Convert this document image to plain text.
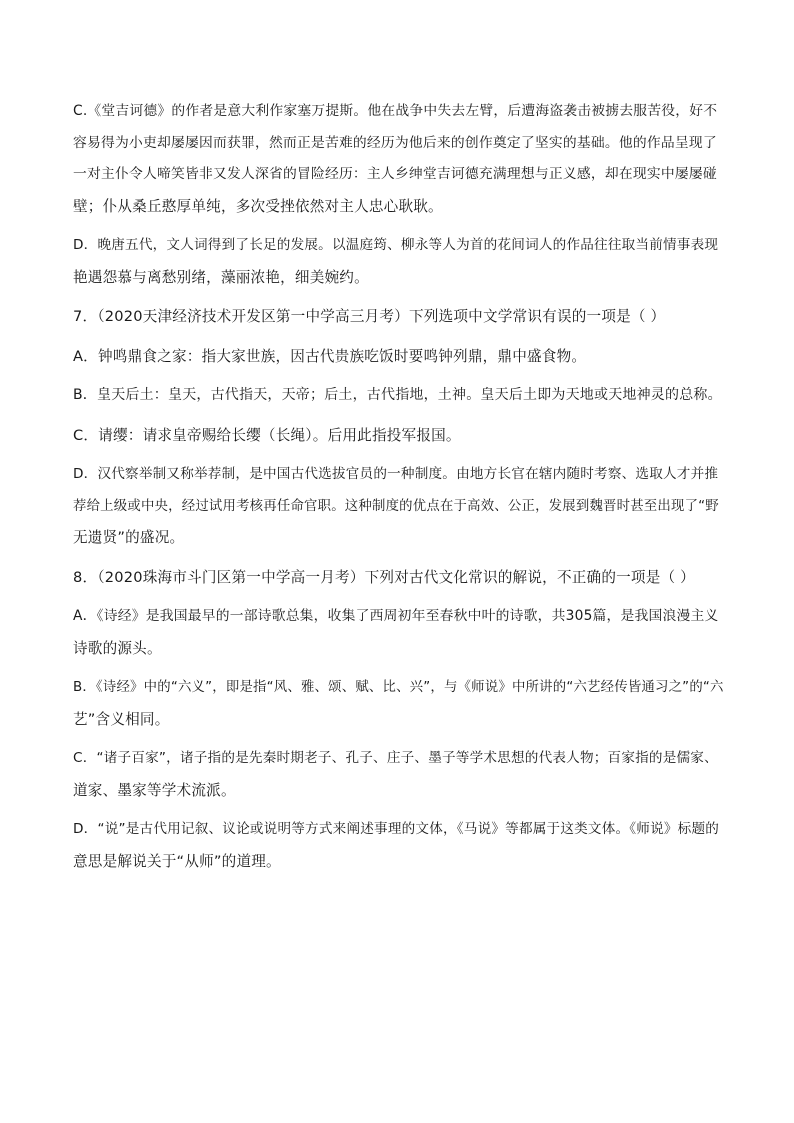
C.《堂吉诃德》的作者是意大利作家塞万提斯。他在战争中失去左臂，后遭海盗袭击被掳去服苦役，好不
容易得为小吏却屡屡因而获罪，然而正是苦难的经历为他后来的创作奠定了坚实的基础。他的作品呈现了
一对主仆令人啼笑皆非又发人深省的冒险经历：主人乡绅堂吉诃德充满理想与正义感，却在现实中屡屡碰
壁；仆从桑丘憨厚单纯，多次受挫依然对主人忠心耿耿。

D．晚唐五代，文人词得到了长足的发展。以温庭筠、柳永等人为首的花间词人的作品往往取当前情事表现
艳遇怨慕与离愁别绪，藻丽浓艳，细美婉约。

7．（2020天津经济技术开发区第一中学高三月考）下列选项中文学常识有误的一项是（ ）

A．钟鸣鼎食之家：指大家世族，因古代贵族吃饭时要鸣钟列鼎，鼎中盛食物。

B．皇天后土：皇天，古代指天，天帝；后土，古代指地，土神。皇天后土即为天地或天地神灵的总称。

C．请缨：请求皇帝赐给长缨（长绳）。后用此指投军报国。

D．汉代察举制又称举荐制，是中国古代选拔官员的一种制度。由地方长官在辖内随时考察、选取人才并推
荐给上级或中央，经过试用考核再任命官职。这种制度的优点在于高效、公正，发展到魏晋时甚至出现了“野
无遗贤”的盛况。

8．（2020珠海市斗门区第一中学高一月考）下列对古代文化常识的解说，不正确的一项是（ ）

A．《诗经》是我国最早的一部诗歌总集，收集了西周初年至春秋中叶的诗歌，共305篇，是我国浪漫主义
诗歌的源头。

B．《诗经》中的“六义”，即是指“风、雅、颂、赋、比、兴”，与《师说》中所讲的“六艺经传皆通习之”的“六
艺”含义相同。

C．“诸子百家”，诸子指的是先秦时期老子、孔子、庄子、墨子等学术思想的代表人物；百家指的是儒家、
道家、墨家等学术流派。

D．“说”是古代用记叙、议论或说明等方式来阐述事理的文体，《马说》等都属于这类文体。《师说》标题的
意思是解说关于“从师”的道理。
